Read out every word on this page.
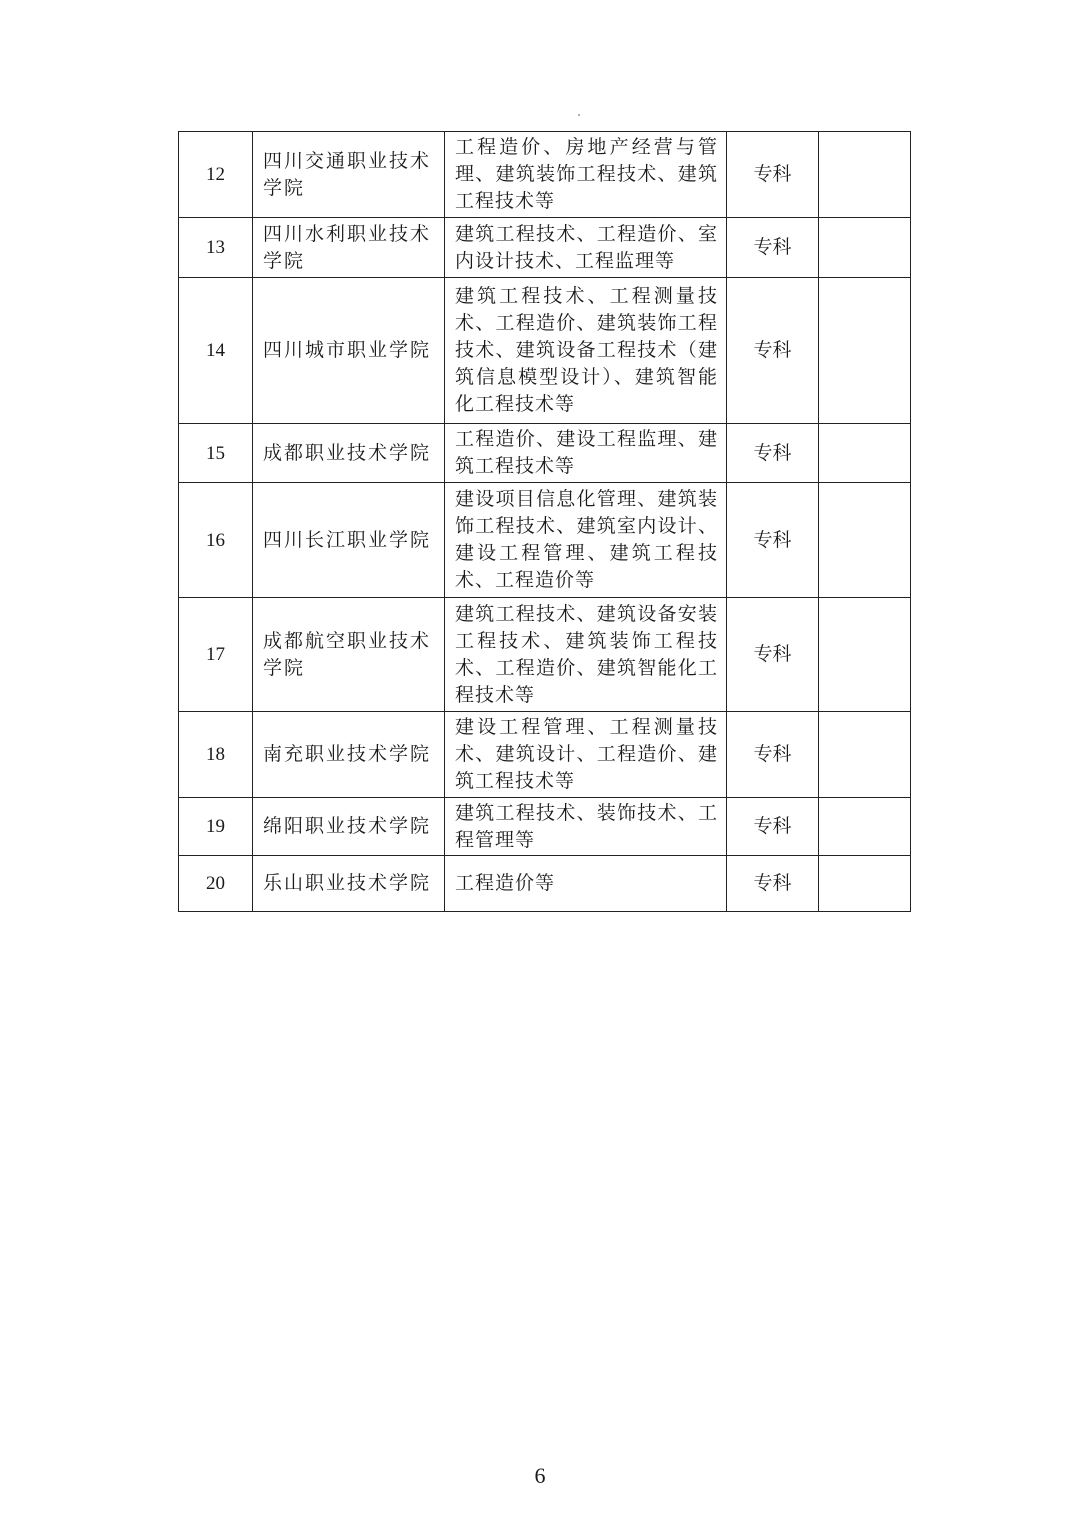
12	四川交通职业技术学院	工程造价、房地产经营与管理、建筑装饰工程技术、建筑工程技术等	专科	
13	四川水利职业技术学院	建筑工程技术、工程造价、室内设计技术、工程监理等	专科	
14	四川城市职业学院	建筑工程技术、工程测量技术、工程造价、建筑装饰工程技术、建筑设备工程技术（建筑信息模型设计）、建筑智能化工程技术等	专科	
15	成都职业技术学院	工程造价、建设工程监理、建筑工程技术等	专科	
16	四川长江职业学院	建设项目信息化管理、建筑装饰工程技术、建筑室内设计、建设工程管理、建筑工程技术、工程造价等	专科	
17	成都航空职业技术学院	建筑工程技术、建筑设备安装工程技术、建筑装饰工程技术、工程造价、建筑智能化工程技术等	专科	
18	南充职业技术学院	建设工程管理、工程测量技术、建筑设计、工程造价、建筑工程技术等	专科	
19	绵阳职业技术学院	建筑工程技术、装饰技术、工程管理等	专科	
20	乐山职业技术学院	工程造价等	专科	
6
